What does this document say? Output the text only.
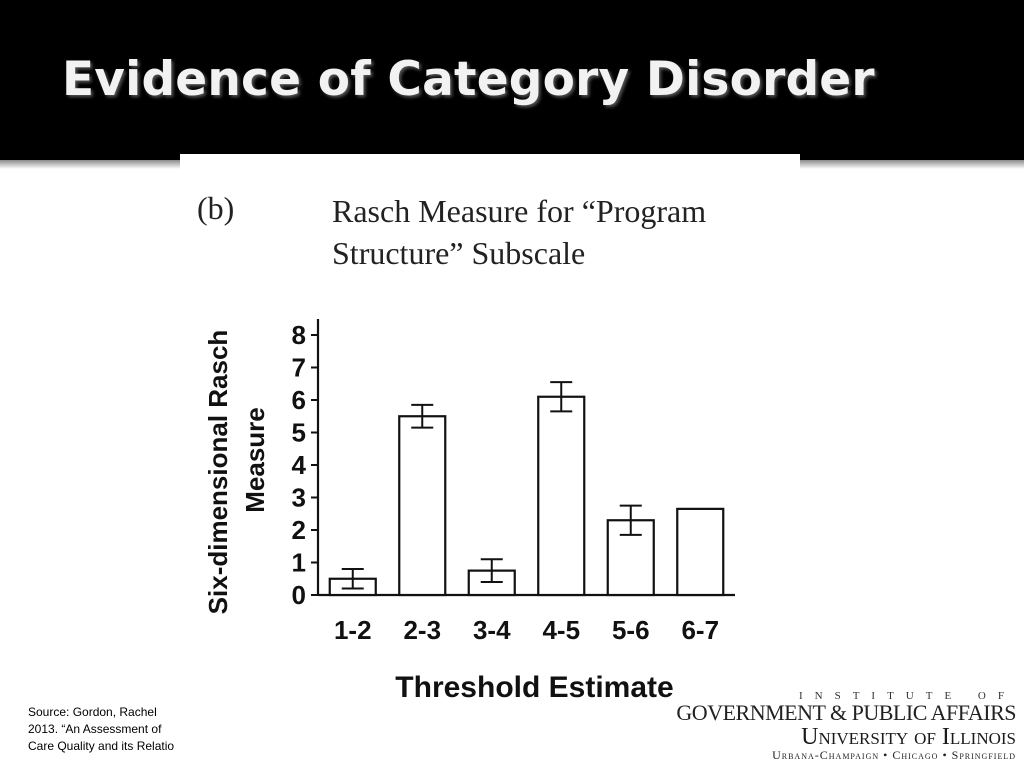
Evidence of Category Disorder
(b)	Rasch Measure for “Program Structure” Subscale
0
1
2
3
4
5
6
7
8
1-2 2-3 3-4 4-5 5-6 6-7
Threshold Estimate
Six-dimensional Rasch Measure
Source: Gordon, Rachel
2013. “An Assessment of
Care Quality and its Relatio
INSTITUTE OF
GOVERNMENT & PUBLIC AFFAIRS
University of Illinois
Urbana-Champaign • Chicago • Springfield
